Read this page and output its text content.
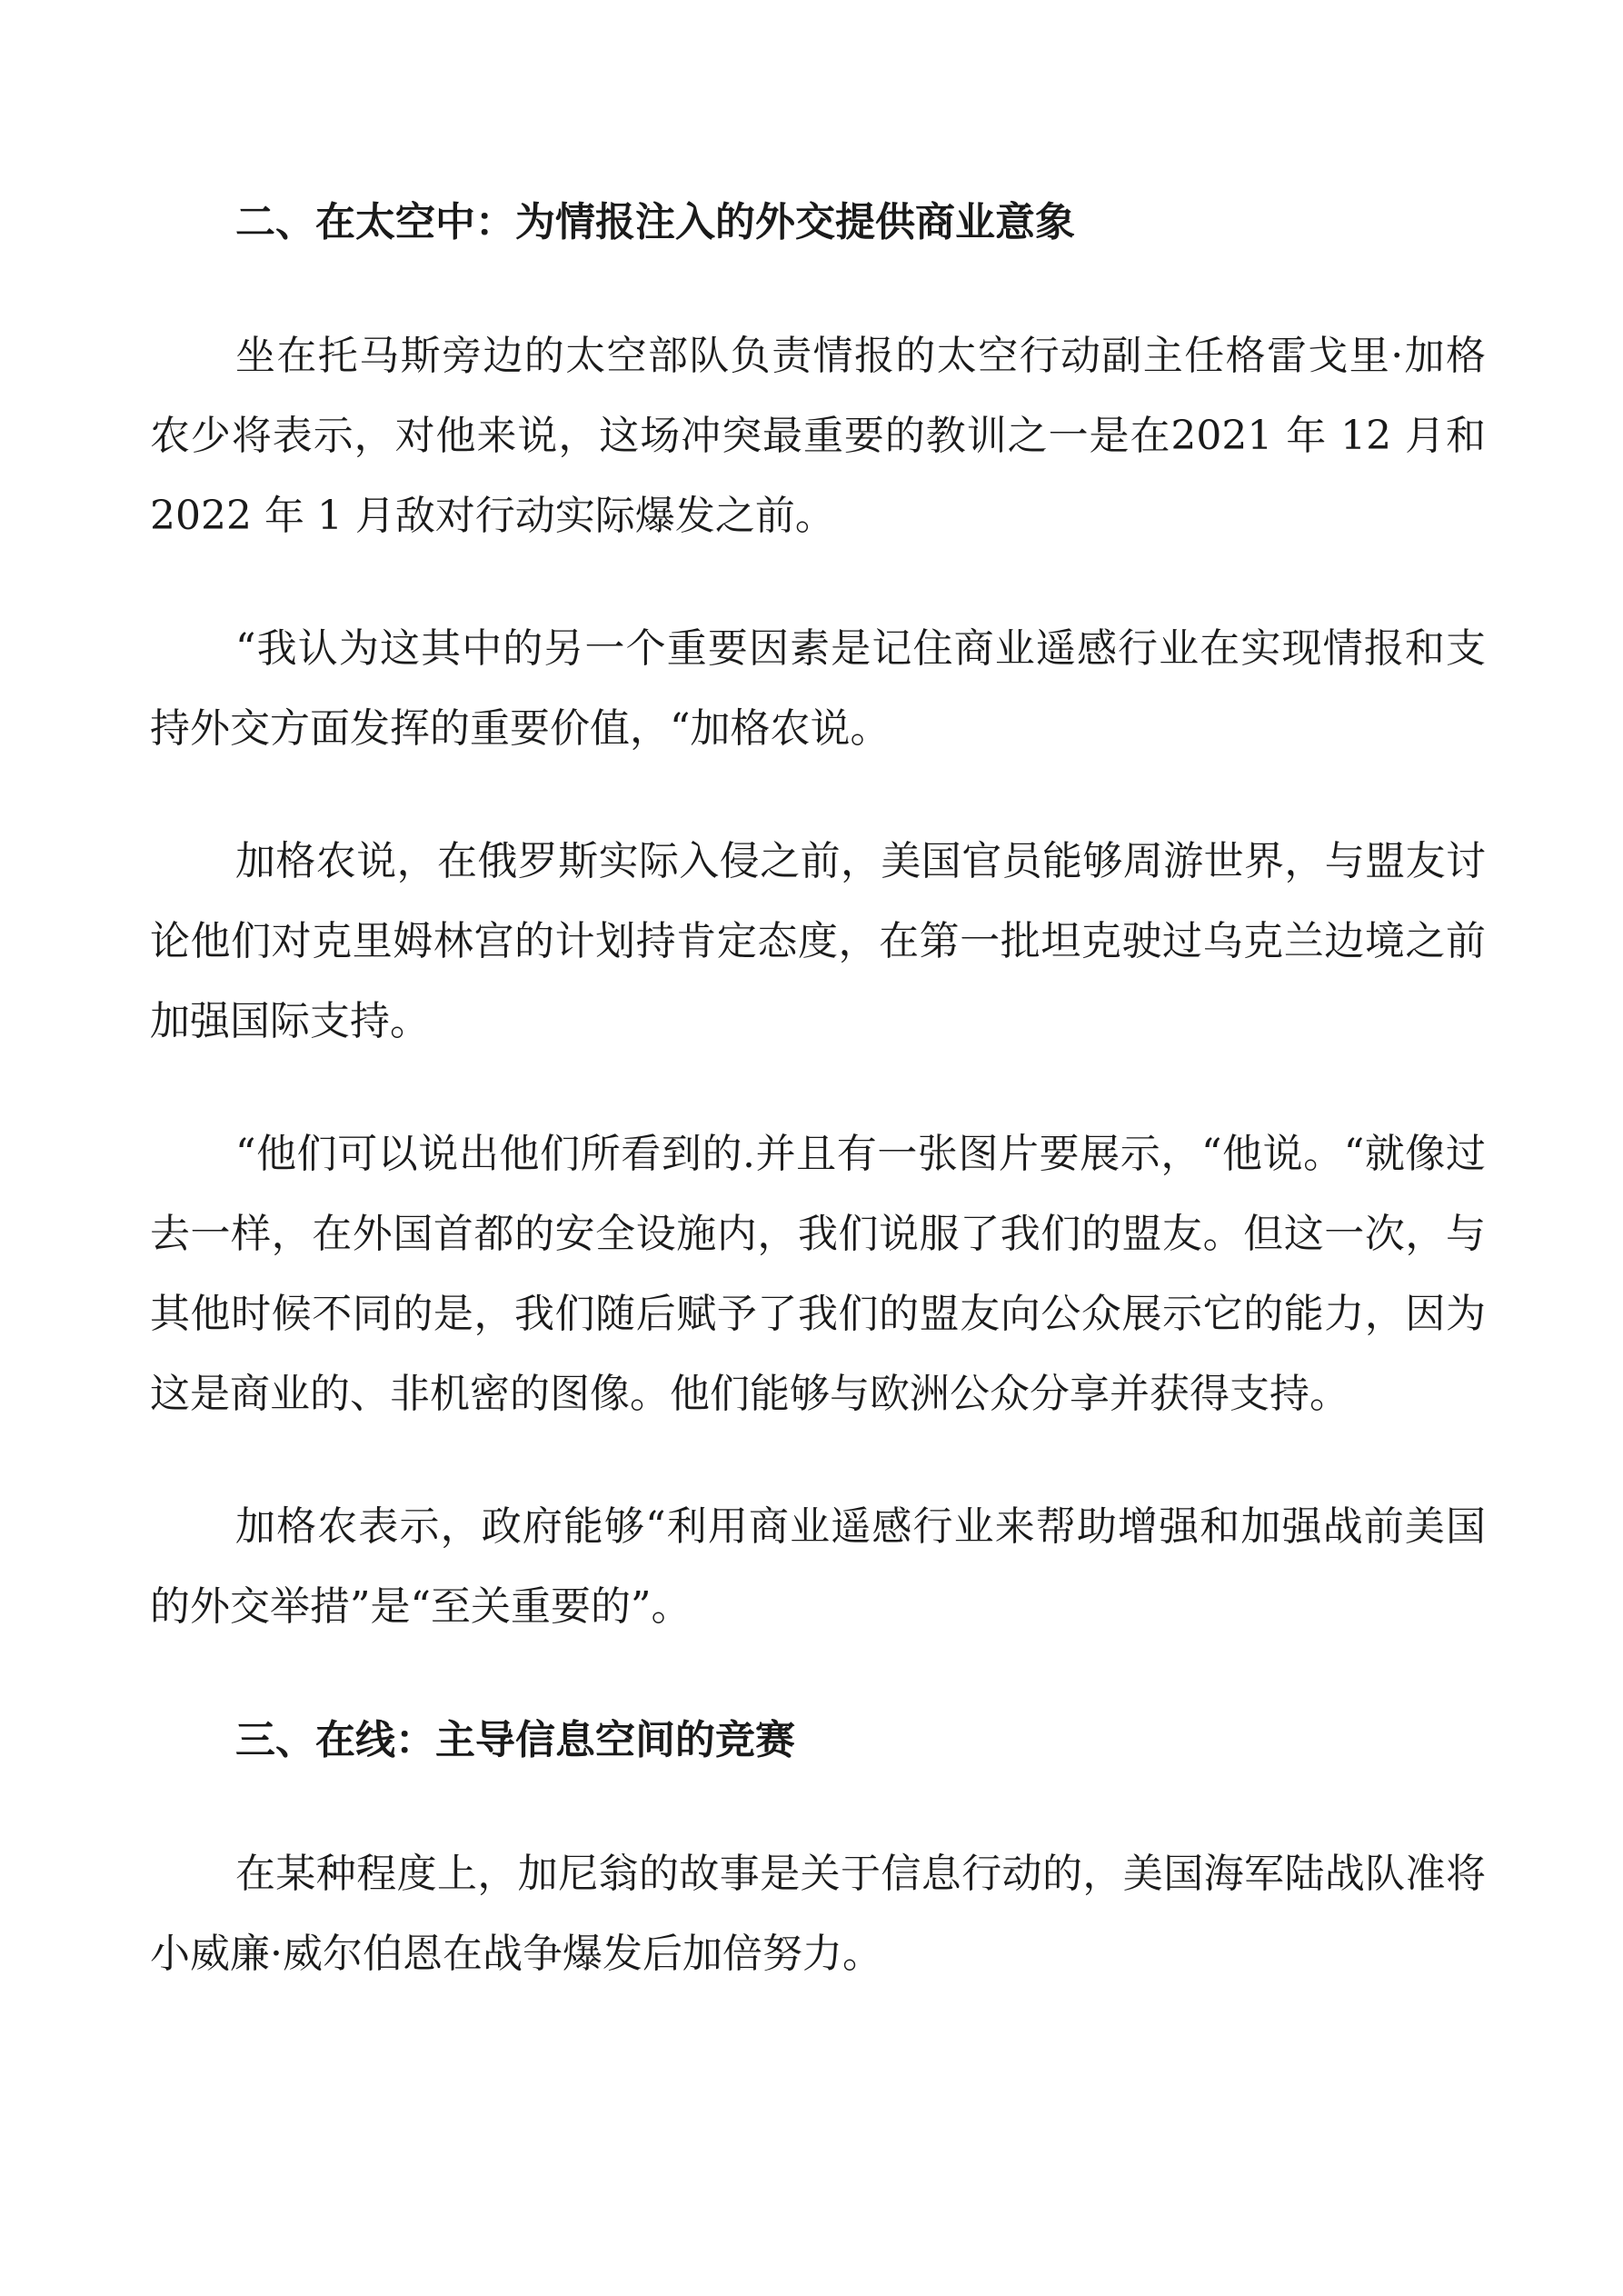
二、在太空中：为情报注入的外交提供商业意象

坐在托马斯旁边的太空部队负责情报的太空行动副主任格雷戈里·加格农少将表示，对他来说，这场冲突最重要的教训之一是在2021 年 12 月和 2022 年 1 月敌对行动实际爆发之前。

“我认为这其中的另一个重要因素是记住商业遥感行业在实现情报和支持外交方面发挥的重要价值，“加格农说。

加格农说，在俄罗斯实际入侵之前，美国官员能够周游世界，与盟友讨论他们对克里姆林宫的计划持肯定态度，在第一批坦克驶过乌克兰边境之前加强国际支持。

“他们可以说出他们所看到的.并且有一张图片要展示，“他说。“就像过去一样，在外国首都的安全设施内，我们说服了我们的盟友。但这一次，与其他时候不同的是，我们随后赋予了我们的盟友向公众展示它的能力，因为这是商业的、非机密的图像。他们能够与欧洲公众分享并获得支持。

加格农表示，政府能够“利用商业遥感行业来帮助增强和加强战前美国的外交举措”是“至关重要的”。

三、在线：主导信息空间的竞赛

在某种程度上，加尼翁的故事是关于信息行动的，美国海军陆战队准将小威廉·威尔伯恩在战争爆发后加倍努力。
